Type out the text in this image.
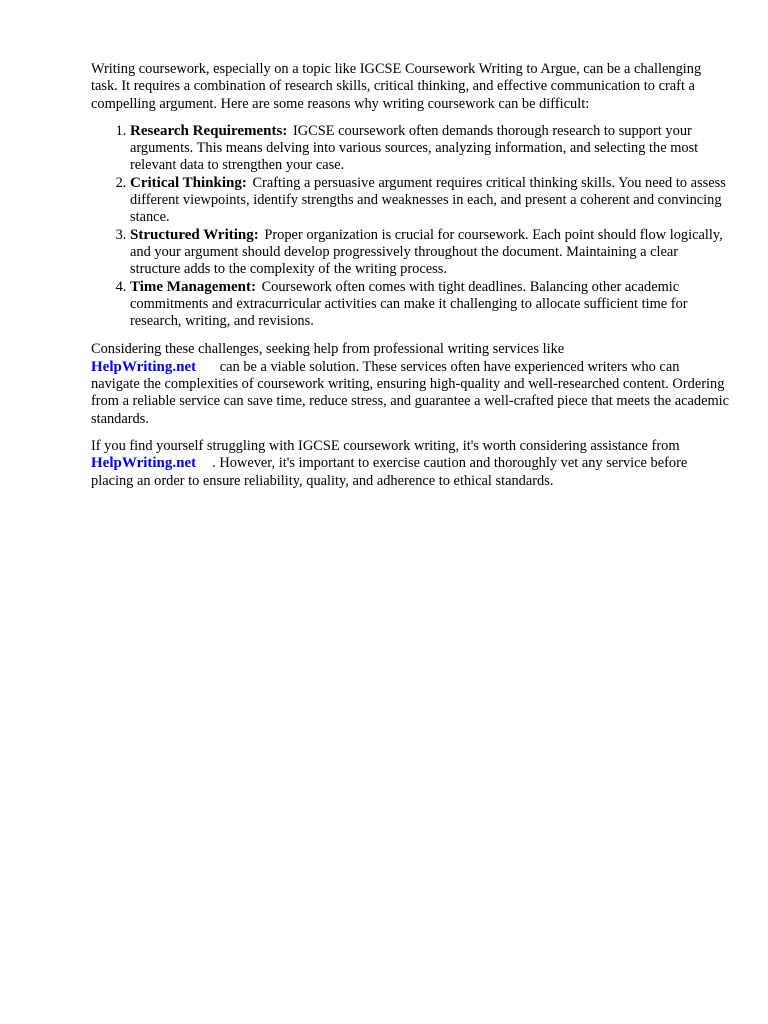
Writing coursework, especially on a topic like IGCSE Coursework Writing to Argue, can be a challenging task. It requires a combination of research skills, critical thinking, and effective communication to craft a compelling argument. Here are some reasons why writing coursework can be difficult:

1. Research Requirements: IGCSE coursework often demands thorough research to support your arguments. This means delving into various sources, analyzing information, and selecting the most relevant data to strengthen your case.
2. Critical Thinking: Crafting a persuasive argument requires critical thinking skills. You need to assess different viewpoints, identify strengths and weaknesses in each, and present a coherent and convincing stance.
3. Structured Writing: Proper organization is crucial for coursework. Each point should flow logically, and your argument should develop progressively throughout the document. Maintaining a clear structure adds to the complexity of the writing process.
4. Time Management: Coursework often comes with tight deadlines. Balancing other academic commitments and extracurricular activities can make it challenging to allocate sufficient time for research, writing, and revisions.

Considering these challenges, seeking help from professional writing services like
HelpWriting.net can be a viable solution. These services often have experienced writers who can navigate the complexities of coursework writing, ensuring high-quality and well-researched content. Ordering from a reliable service can save time, reduce stress, and guarantee a well-crafted piece that meets the academic standards.

If you find yourself struggling with IGCSE coursework writing, it's worth considering assistance from HelpWriting.net . However, it's important to exercise caution and thoroughly vet any service before placing an order to ensure reliability, quality, and adherence to ethical standards.
